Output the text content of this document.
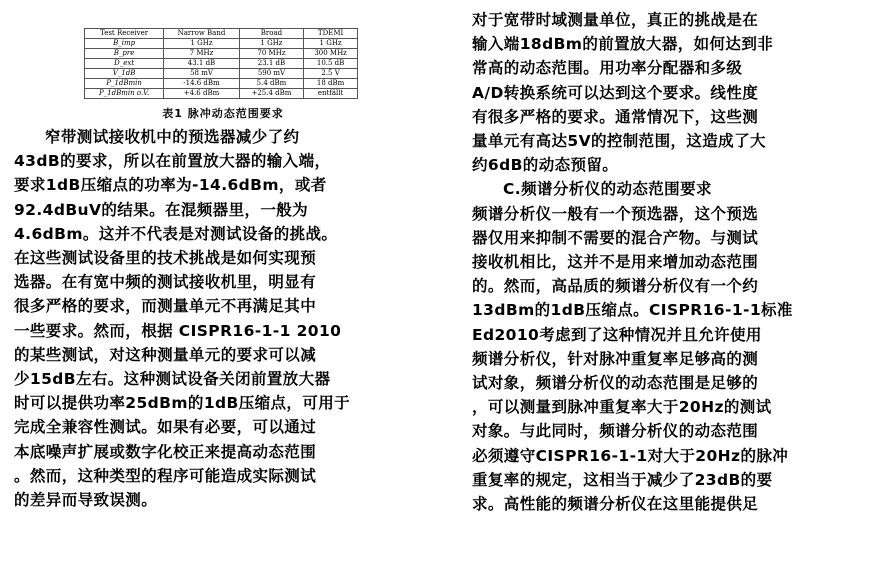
Test Receiver	Narrow Band	Broad	TDEMI
B_imp	1 GHz	1 GHz	1 GHz
B_pre	7 MHz	70 MHz	300 MHz
D_ext	43.1 dB	23.1 dB	10.5 dB
V_1dB	58 mV	590 mV	2.5 V
P_1dBmin	-14.6 dBm	5.4 dBm	18 dBm
P_1dBmin o.V.	+4.6 dBm	+25.4 dBm	entfällt
表1 脉冲动态范围要求

窄带测试接收机中的预选器减少了约

43dB的要求，所以在前置放大器的输入端，

要求1dB压缩点的功率为-14.6dBm，或者

92.4dBuV的结果。在混频器里，一般为

4.6dBm。这并不代表是对测试设备的挑战。

在这些测试设备里的技术挑战是如何实现预

选器。在有宽中频的测试接收机里，明显有

很多严格的要求，而测量单元不再满足其中

一些要求。然而，根据 CISPR16-1-1 2010

的某些测试，对这种测量单元的要求可以减

少15dB左右。这种测试设备关闭前置放大器

时可以提供功率25dBm的1dB压缩点，可用于

完成全兼容性测试。如果有必要，可以通过

本底噪声扩展或数字化校正来提高动态范围

。然而，这种类型的程序可能造成实际测试

的差异而导致误测。

对于宽带时域测量单位，真正的挑战是在

输入端18dBm的前置放大器，如何达到非

常高的动态范围。用功率分配器和多级

A/D转换系统可以达到这个要求。线性度

有很多严格的要求。通常情况下，这些测

量单元有高达5V的控制范围，这造成了大

约6dB的动态预留。

C.频谱分析仪的动态范围要求

频谱分析仪一般有一个预选器，这个预选

器仅用来抑制不需要的混合产物。与测试

接收机相比，这并不是用来增加动态范围

的。然而，高品质的频谱分析仪有一个约

13dBm的1dB压缩点。CISPR16-1-1标准

Ed2010考虑到了这种情况并且允许使用

频谱分析仪，针对脉冲重复率足够高的测

试对象，频谱分析仪的动态范围是足够的

，可以测量到脉冲重复率大于20Hz的测试

对象。与此同时，频谱分析仪的动态范围

必须遵守CISPR16-1-1对大于20Hz的脉冲

重复率的规定，这相当于减少了23dB的要

求。高性能的频谱分析仪在这里能提供足
